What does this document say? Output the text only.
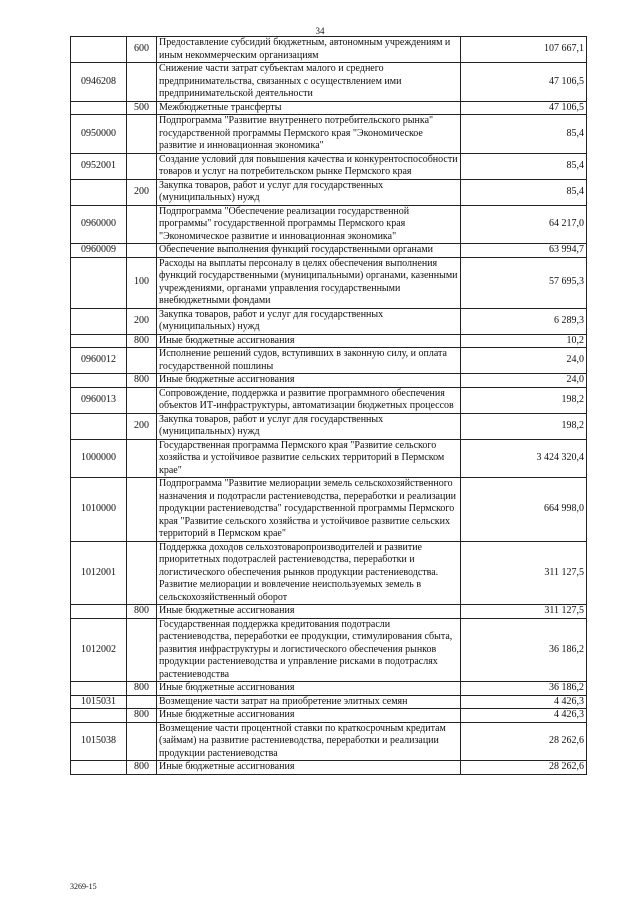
34
	600	Предоставление субсидий бюджетным, автономным учреждениям и иным некоммерческим организациям	107 667,1
0946208		Снижение части затрат субъектам малого и среднего предпринимательства, связанных с осуществлением ими предпринимательской деятельности	47 106,5
	500	Межбюджетные трансферты	47 106,5
0950000		Подпрограмма "Развитие внутреннего потребительского рынка" государственной программы Пермского края "Экономическое развитие и инновационная экономика"	85,4
0952001		Создание условий для повышения качества и конкурентоспособности товаров и услуг на потребительском рынке Пермского края	85,4
	200	Закупка товаров, работ и услуг для государственных (муниципальных) нужд	85,4
0960000		Подпрограмма "Обеспечение реализации государственной программы" государственной программы Пермского края "Экономическое развитие и инновационная экономика"	64 217,0
0960009		Обеспечение выполнения функций государственными органами	63 994,7
	100	Расходы на выплаты персоналу в целях обеспечения выполнения функций государственными (муниципальными) органами, казенными учреждениями, органами управления государственными внебюджетными фондами	57 695,3
	200	Закупка товаров, работ и услуг для государственных (муниципальных) нужд	6 289,3
	800	Иные бюджетные ассигнования	10,2
0960012		Исполнение решений судов, вступивших в законную силу, и оплата государственной пошлины	24,0
	800	Иные бюджетные ассигнования	24,0
0960013		Сопровождение, поддержка и развитие программного обеспечения объектов ИТ-инфраструктуры, автоматизации бюджетных процессов	198,2
	200	Закупка товаров, работ и услуг для государственных (муниципальных) нужд	198,2
1000000		Государственная программа Пермского края "Развитие сельского хозяйства и устойчивое развитие сельских территорий в Пермском крае"	3 424 320,4
1010000		Подпрограмма "Развитие мелиорации земель сельскохозяйственного назначения и подотрасли растениеводства, переработки и реализации продукции растениеводства" государственной программы Пермского края "Развитие сельского хозяйства и устойчивое развитие сельских территорий в Пермском крае"	664 998,0
1012001		Поддержка доходов сельхозтоваропроизводителей и развитие приоритетных подотраслей растениеводства, переработки и логистического обеспечения рынков продукции растениеводства. Развитие мелиорации и вовлечение неиспользуемых земель в сельскохозяйственный оборот	311 127,5
	800	Иные бюджетные ассигнования	311 127,5
1012002		Государственная поддержка кредитования подотрасли растениеводства, переработки ее продукции, стимулирования сбыта, развития инфраструктуры и логистического обеспечения рынков продукции растениеводства и управление рисками в подотраслях растениеводства	36 186,2
	800	Иные бюджетные ассигнования	36 186,2
1015031		Возмещение части затрат на приобретение элитных семян	4 426,3
	800	Иные бюджетные ассигнования	4 426,3
1015038		Возмещение части процентной ставки по краткосрочным кредитам (займам) на развитие растениеводства, переработки и реализации продукции растениеводства	28 262,6
	800	Иные бюджетные ассигнования	28 262,6
3269-15
